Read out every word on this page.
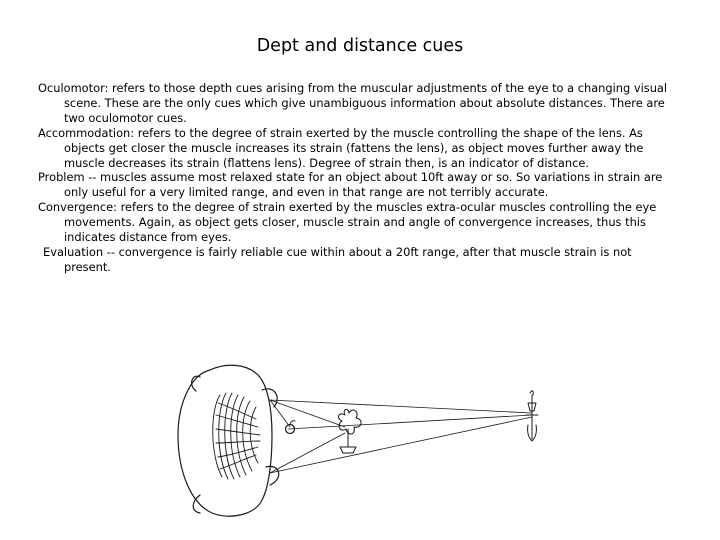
Dept and distance cues

Oculomotor: refers to those depth cues arising from the muscular adjustments of the eye to a changing visual scene. These are the only cues which give unambiguous information about absolute distances. There are two oculomotor cues.

Accommodation: refers to the degree of strain exerted by the muscle controlling the shape of the lens. As objects get closer the muscle increases its strain (fattens the lens), as object moves further away the muscle decreases its strain (flattens lens). Degree of strain then, is an indicator of distance.

Problem -- muscles assume most relaxed state for an object about 10ft away or so. So variations in strain are only useful for a very limited range, and even in that range are not terribly accurate.

Convergence: refers to the degree of strain exerted by the muscles extra-ocular muscles controlling the eye movements. Again, as object gets closer, muscle strain and angle of convergence increases, thus this indicates distance from eyes.

Evaluation -- convergence is fairly reliable cue within about a 20ft range, after that muscle strain is not present.
